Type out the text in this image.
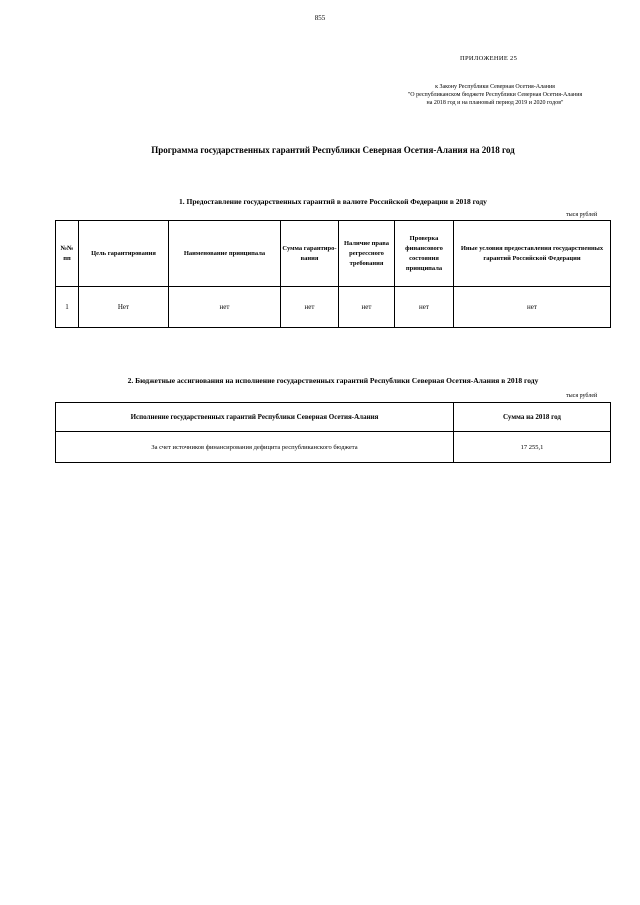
855
ПРИЛОЖЕНИЕ 25
к Закону Республики Северная Осетия-Алания
"О республиканском бюджете Республики Северная Осетия-Алания
на 2018 год и на плановый период 2019 и 2020 годов"
Программа государственных гарантий Республики Северная Осетия-Алания на 2018 год
1. Предоставление государственных гарантий в валюте Российской Федерации в 2018 году
тыся рублей
№№ пп	Цель гарантирования	Наименование принципала	Сумма гарантиро-вания	Наличие права регрессного требования	Проверка финансового состояния принципала	Иные условия предоставления государственных гарантий Российской Федерации
1	Нет	нет	нет	нет	нет	нет
2. Бюджетные ассигнования на исполнение государственных гарантий Республики Северная Осетия-Алания в 2018 году
тыся рублей
Исполнение государственных гарантий Республики Северная Осетия-Алания	Сумма на 2018 год
За счет источников финансирования дефицита республиканского бюджета	17 255,1
